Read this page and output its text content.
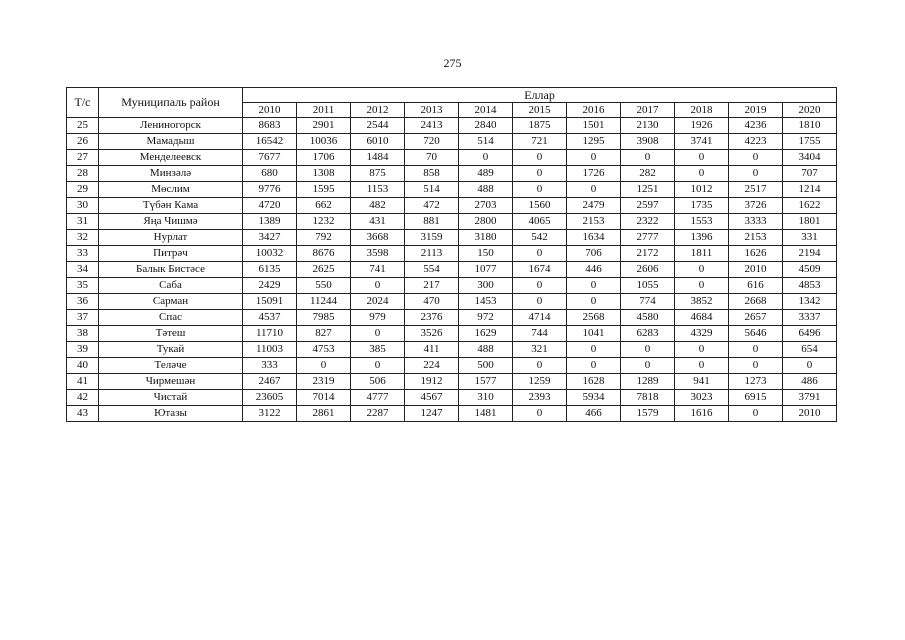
275
Т/с	Муниципаль район	Еллар										
		2010	2011	2012	2013	2014	2015	2016	2017	2018	2019	2020
25	Лениногорск	8683	2901	2544	2413	2840	1875	1501	2130	1926	4236	1810
26	Мамадыш	16542	10036	6010	720	514	721	1295	3908	3741	4223	1755
27	Менделеевск	7677	1706	1484	70	0	0	0	0	0	0	3404
28	Минзәлә	680	1308	875	858	489	0	1726	282	0	0	707
29	Мөслим	9776	1595	1153	514	488	0	0	1251	1012	2517	1214
30	Түбән Кама	4720	662	482	472	2703	1560	2479	2597	1735	3726	1622
31	Яңа Чишмә	1389	1232	431	881	2800	4065	2153	2322	1553	3333	1801
32	Нурлат	3427	792	3668	3159	3180	542	1634	2777	1396	2153	331
33	Питрәч	10032	8676	3598	2113	150	0	706	2172	1811	1626	2194
34	Балык Бистәсе	6135	2625	741	554	1077	1674	446	2606	0	2010	4509
35	Саба	2429	550	0	217	300	0	0	1055	0	616	4853
36	Сарман	15091	11244	2024	470	1453	0	0	774	3852	2668	1342
37	Спас	4537	7985	979	2376	972	4714	2568	4580	4684	2657	3337
38	Тәтеш	11710	827	0	3526	1629	744	1041	6283	4329	5646	6496
39	Тукай	11003	4753	385	411	488	321	0	0	0	0	654
40	Теләче	333	0	0	224	500	0	0	0	0	0	0
41	Чирмешән	2467	2319	506	1912	1577	1259	1628	1289	941	1273	486
42	Чистай	23605	7014	4777	4567	310	2393	5934	7818	3023	6915	3791
43	Ютазы	3122	2861	2287	1247	1481	0	466	1579	1616	0	2010
